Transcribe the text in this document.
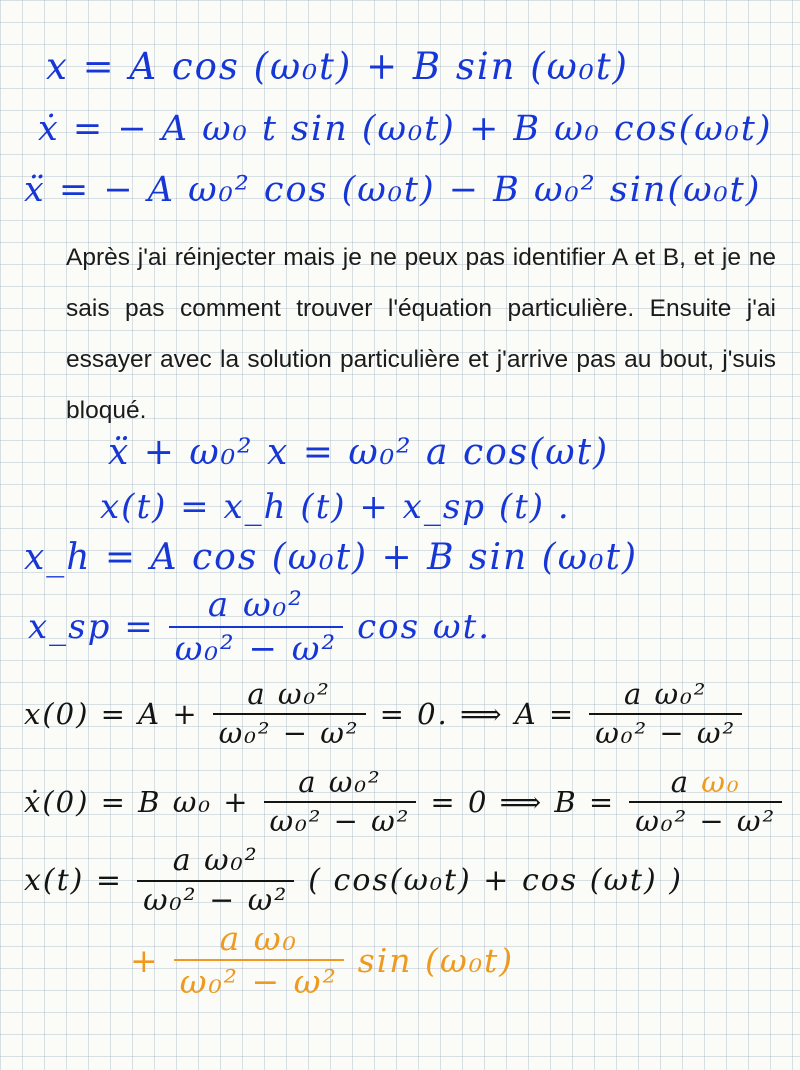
x = A cos (ω₀t) + B sin (ω₀t)
ẋ = − A ω₀ t sin (ω₀t) + B ω₀ cos(ω₀t)
ẍ = − A ω₀² cos (ω₀t) − B ω₀² sin(ω₀t)
Après j'ai réinjecter mais je ne peux pas identifier A et B, et je ne sais pas comment trouver l'équation particulière. Ensuite j'ai essayer avec la solution particulière et j'arrive pas au bout, j'suis bloqué.
ẍ + ω₀² x = ω₀² a cos(ωt)
x(t) = x_h (t) + x_sp (t) .
x_h = A cos (ω₀t) + B sin (ω₀t)
x_sp = $\frac{\text{a ω₀²}}{\text{ω₀² − ω²}}$ cos ωt.
$x(0) = A + \frac{\text{a ω₀²}}{\text{ω₀² − ω²}} = 0$. ⟹ $A = \frac{\text{a ω₀²}}{\text{ω₀² − ω²}}$
ẋ(0) = B $\omega_0 + \frac{\text{a ω₀²}}{\text{ω₀² − ω²}} = 0$ ⟹ $B = \frac{\text{a ω₀}}{\text{ω₀² − ω²}}$
$x(t) = \frac{\text{a ω₀²}}{\text{ω₀² − ω²}}$ ( cos(ω₀t) + cos (ωt) )
+ $\frac{\text{a ω₀}}{\text{ω₀² − ω²}}$ sin (ω₀t)
